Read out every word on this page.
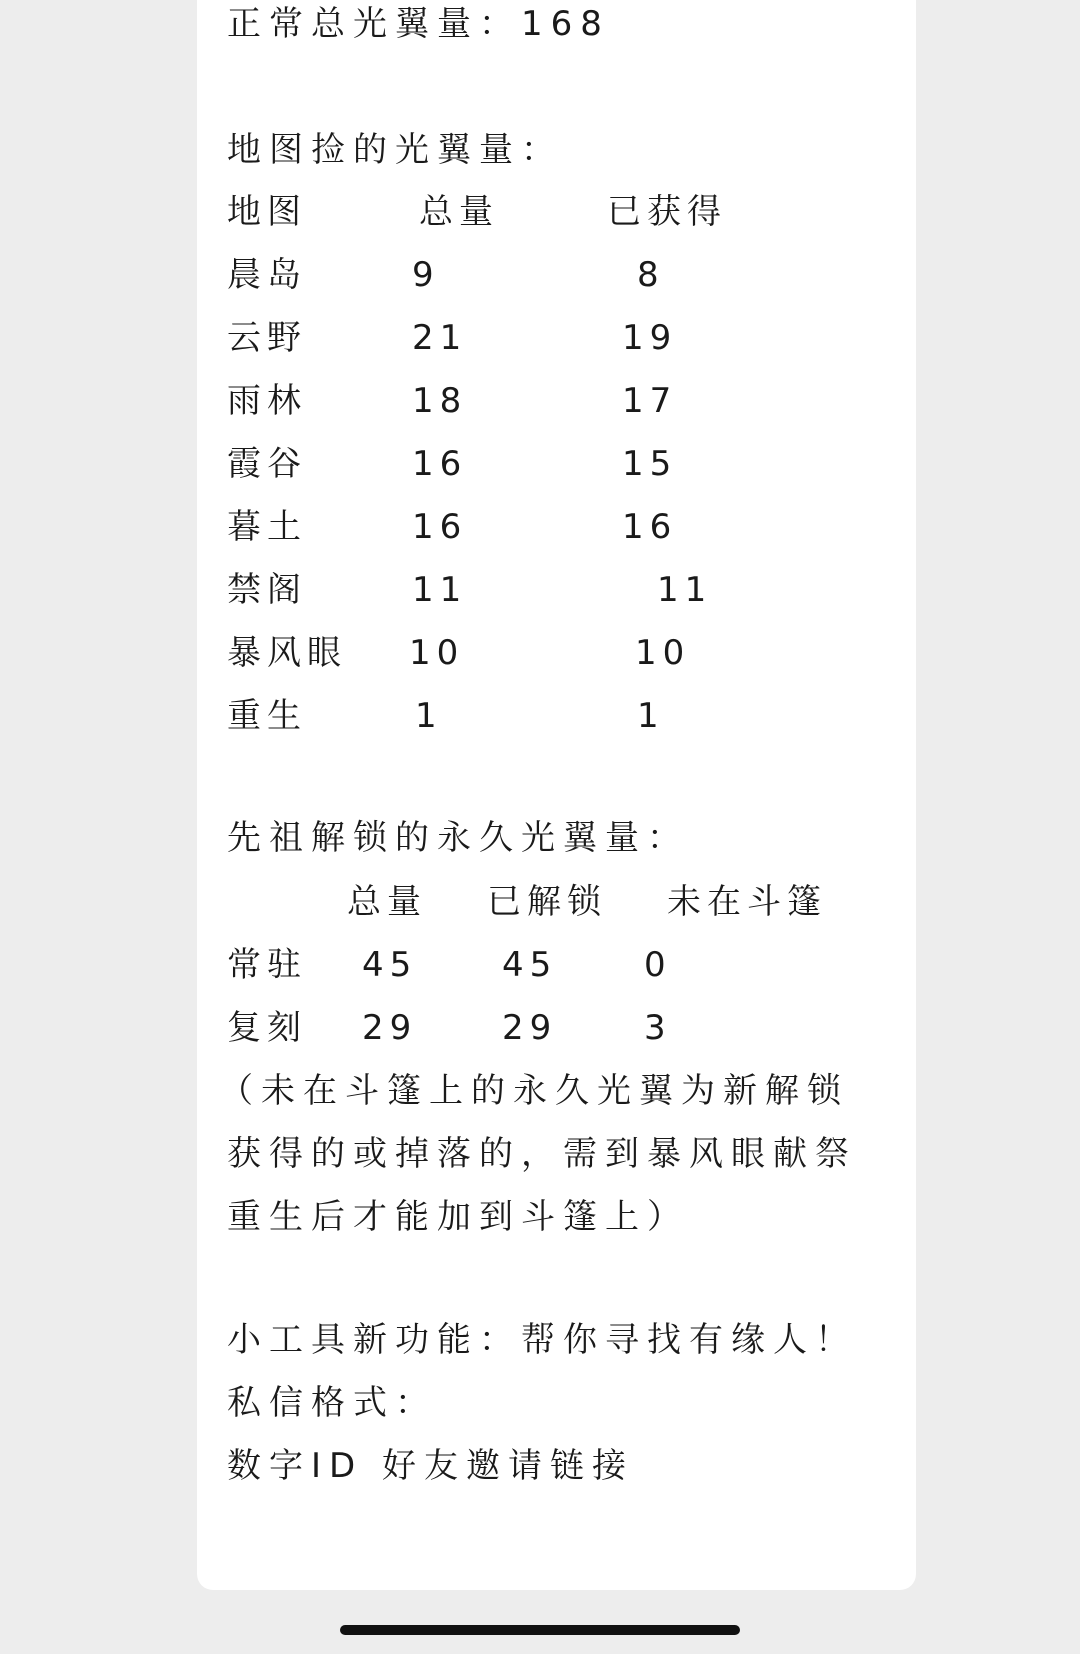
正常总光翼量：168
地图捡的光翼量：
地图	总量	已获得
晨岛	9	8
云野	21	19
雨林	18	17
霞谷	16	15
暮土	16	16
禁阁	11	11
暴风眼 10	10
重生	1	1
先祖解锁的永久光翼量：
总量 已解锁 未在斗篷
常驻 45 45	0
复刻 29 29	3
（未在斗篷上的永久光翼为新解锁
获得的或掉落的，需到暴风眼献祭
重生后才能加到斗篷上）
小工具新功能：帮你寻找有缘人！
私信格式：
数字ID 好友邀请链接
